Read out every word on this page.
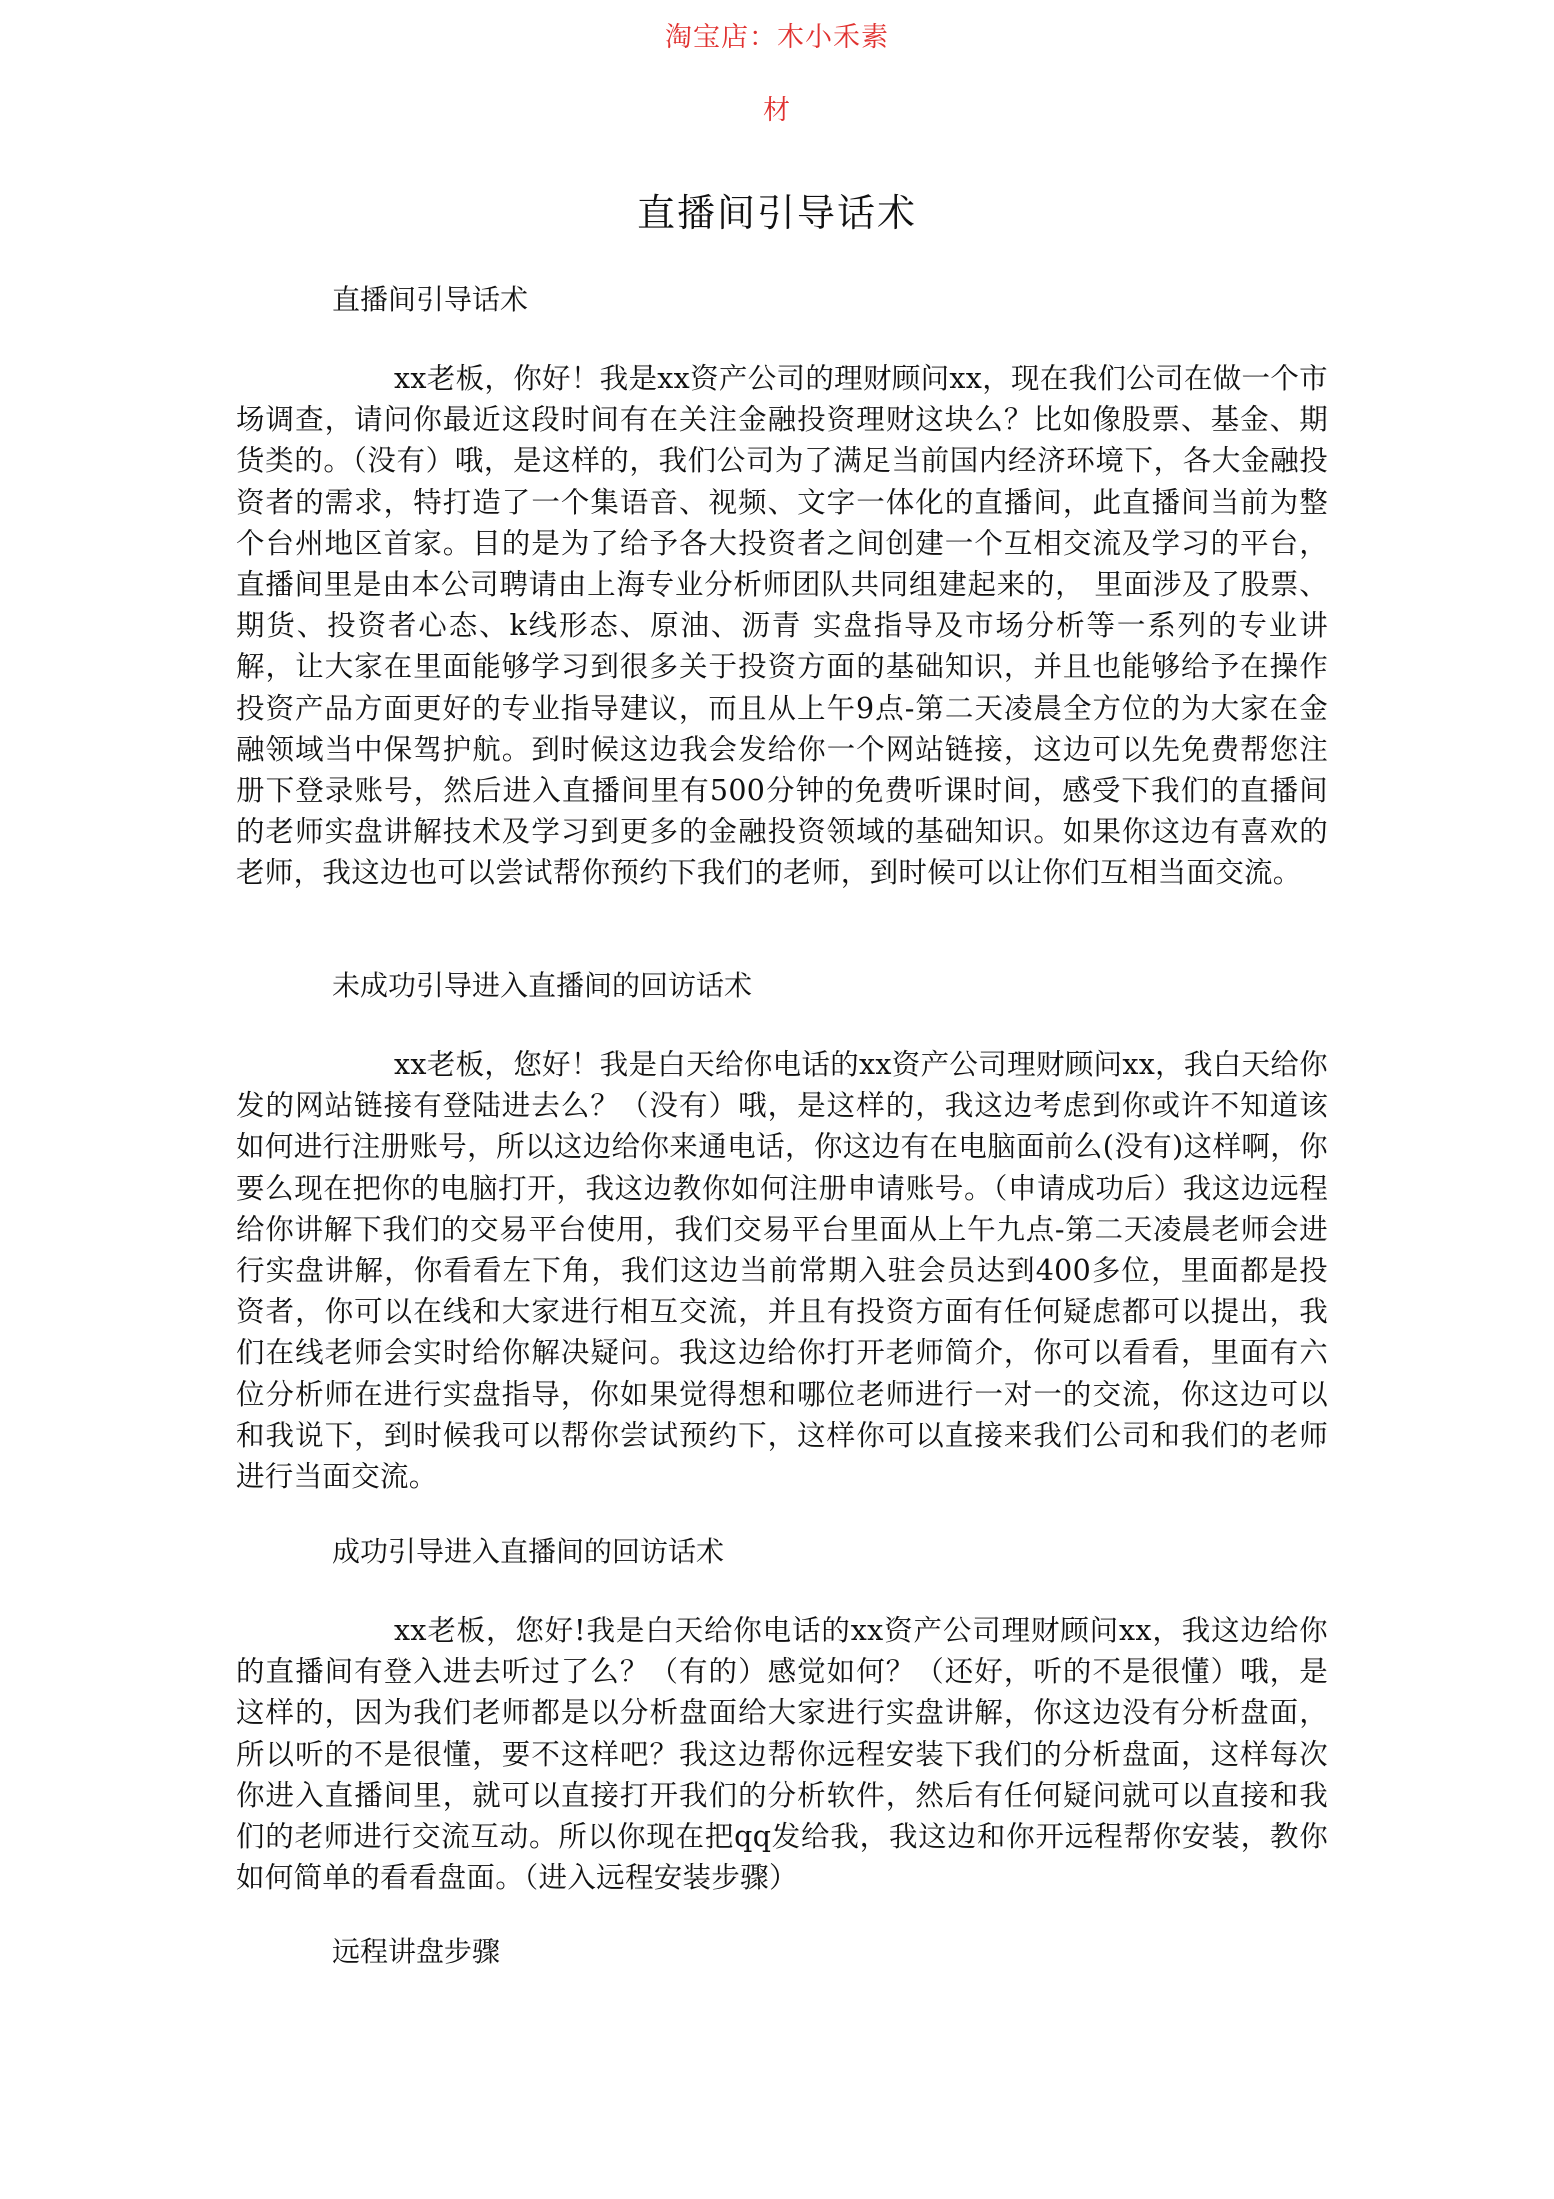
淘宝店：木小禾素
材
直播间引导话术
直播间引导话术
xx老板，你好！我是xx资产公司的理财顾问xx，现在我们公司在做一个市场调查，请问你最近这段时间有在关注金融投资理财这块么？比如像股票、基金、期货类的。（没有）哦，是这样的，我们公司为了满足当前国内经济环境下，各大金融投资者的需求，特打造了一个集语音、视频、文字一体化的直播间，此直播间当前为整个台州地区首家。目的是为了给予各大投资者之间创建一个互相交流及学习的平台，直播间里是由本公司聘请由上海专业分析师团队共同组建起来的， 里面涉及了股票、期货、投资者心态、k线形态、原油、沥青 实盘指导及市场分析等一系列的专业讲解，让大家在里面能够学习到很多关于投资方面的基础知识，并且也能够给予在操作投资产品方面更好的专业指导建议，而且从上午9点-第二天凌晨全方位的为大家在金融领域当中保驾护航。到时候这边我会发给你一个网站链接，这边可以先免费帮您注册下登录账号，然后进入直播间里有500分钟的免费听课时间，感受下我们的直播间的老师实盘讲解技术及学习到更多的金融投资领域的基础知识。如果你这边有喜欢的老师，我这边也可以尝试帮你预约下我们的老师，到时候可以让你们互相当面交流。
未成功引导进入直播间的回访话术
xx老板，您好！我是白天给你电话的xx资产公司理财顾问xx，我白天给你发的网站链接有登陆进去么？（没有）哦，是这样的，我这边考虑到你或许不知道该如何进行注册账号，所以这边给你来通电话，你这边有在电脑面前么(没有)这样啊，你要么现在把你的电脑打开，我这边教你如何注册申请账号。（申请成功后）我这边远程给你讲解下我们的交易平台使用，我们交易平台里面从上午九点-第二天凌晨老师会进行实盘讲解，你看看左下角，我们这边当前常期入驻会员达到400多位，里面都是投资者，你可以在线和大家进行相互交流，并且有投资方面有任何疑虑都可以提出，我们在线老师会实时给你解决疑问。我这边给你打开老师简介，你可以看看，里面有六位分析师在进行实盘指导，你如果觉得想和哪位老师进行一对一的交流，你这边可以和我说下，到时候我可以帮你尝试预约下，这样你可以直接来我们公司和我们的老师进行当面交流。
成功引导进入直播间的回访话术
xx老板，您好!我是白天给你电话的xx资产公司理财顾问xx，我这边给你的直播间有登入进去听过了么？（有的）感觉如何？（还好，听的不是很懂）哦，是这样的，因为我们老师都是以分析盘面给大家进行实盘讲解，你这边没有分析盘面，所以听的不是很懂，要不这样吧？我这边帮你远程安装下我们的分析盘面，这样每次你进入直播间里，就可以直接打开我们的分析软件，然后有任何疑问就可以直接和我们的老师进行交流互动。所以你现在把qq发给我，我这边和你开远程帮你安装，教你如何简单的看看盘面。（进入远程安装步骤）
远程讲盘步骤
